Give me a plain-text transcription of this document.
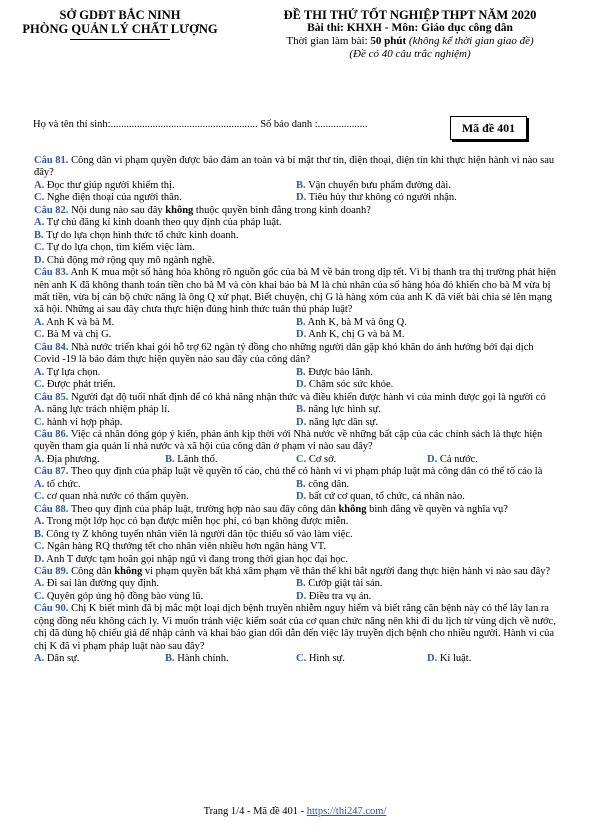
SỞ GDĐT BẮC NINH
PHÒNG QUẢN LÝ CHẤT LƯỢNG
ĐỀ THI THỬ TỐT NGHIỆP THPT NĂM 2020
Bài thi: KHXH - Môn: Giáo dục công dân
Thời gian làm bài: 50 phút (không kể thời gian giao đề)
(Đề có 40 câu trắc nghiệm)
Họ và tên thí sinh:........................................................ Số báo danh :...................	Mã đề 401

Câu 81. Công dân vi phạm quyền được bảo đảm an toàn và bí mật thư tín, điện thoại, điện tín khi thực hiện hành vi nào sau đây?

A. Đọc thư giúp người khiếm thị.	B. Vận chuyển bưu phẩm đường dài.
C. Nghe điện thoại của người thân.	D. Tiêu hủy thư không có người nhận.

Câu 82. Nội dung nào sau đây không thuộc quyền bình đẳng trong kinh doanh?

A. Tự chủ đăng kí kinh doanh theo quy định của pháp luật.
B. Tự do lựa chọn hình thức tổ chức kinh doanh.
C. Tự do lựa chọn, tìm kiếm việc làm.
D. Chủ động mở rộng quy mô ngành nghề.

Câu 83. Anh K mua một số hàng hóa không rõ nguồn gốc của bà M về bán trong dịp tết. Vì bị thanh tra thị trường phát hiện nên anh K đã không thanh toán tiền cho bà M và còn khai báo bà M là chủ nhân của số hàng hóa đó khiến cho bà M vừa bị mất tiền, vừa bị cán bộ chức năng là ông Q xử phạt. Biết chuyện, chị G là hàng xóm của anh K đã viết bài chia sẻ lên mạng xã hội. Những ai sau đây chưa thực hiện đúng hình thức tuân thủ pháp luật?

A. Anh K và bà M.	B. Anh K, bà M và ông Q.
C. Bà M và chị G.	D. Anh K, chị G và bà M.

Câu 84. Nhà nước triển khai gói hỗ trợ 62 ngàn tỷ đồng cho những người dân gặp khó khăn do ảnh hưởng bởi đại dịch Covid -19 là bảo đảm thực hiện quyền nào sau đây của công dân?

A. Tự lựa chọn.	B. Được bảo lãnh.
C. Được phát triển.	D. Chăm sóc sức khỏe.

Câu 85. Người đạt độ tuổi nhất định để có khả năng nhận thức và điều khiển được hành vi của mình được gọi là người có

A. năng lực trách nhiệm pháp lí.	B. năng lực hình sự.
C. hành vi hợp pháp.	D. năng lực dân sự.

Câu 86. Việc cá nhân đóng góp ý kiến, phản ánh kịp thời với Nhà nước về những bất cập của các chính sách là thực hiện quyền tham gia quản lí nhà nước và xã hội của công dân ở phạm vi nào sau đây?

A. Địa phương.	B. Lãnh thổ.	C. Cơ sở.	D. Cả nước.

Câu 87. Theo quy định của pháp luật về quyền tố cáo, chủ thể có hành vi vi phạm pháp luật mà công dân có thể tố cáo là

A. tổ chức.	B. công dân.
C. cơ quan nhà nước có thẩm quyền.	D. bất cứ cơ quan, tổ chức, cá nhân nào.

Câu 88. Theo quy định của pháp luật, trường hợp nào sau đây công dân không bình đẳng về quyền và nghĩa vụ?

A. Trong một lớp học có bạn được miễn học phí, có bạn không được miễn.
B. Công ty Z không tuyển nhân viên là người dân tộc thiểu số vào làm việc.
C. Ngân hàng RQ thưởng tết cho nhân viên nhiều hơn ngân hàng VT.
D. Anh T được tạm hoãn gọi nhập ngũ vì đang trong thời gian học đại học.

Câu 89. Công dân không vi phạm quyền bất khả xâm phạm về thân thể khi bắt người đang thực hiện hành vi nào sau đây?

A. Đi sai làn đường quy định.	B. Cướp giật tài sản.
C. Quyên góp ủng hộ đồng bào vùng lũ.	D. Điều tra vụ án.

Câu 90. Chị K biết mình đã bị mắc một loại dịch bệnh truyền nhiễm nguy hiểm và biết rằng căn bệnh này có thể lây lan ra cộng đồng nếu không cách ly. Vì muốn tránh việc kiểm soát của cơ quan chức năng nên khi đi du lịch từ vùng dịch về nước, chị đã dùng hộ chiếu giả để nhập cảnh và khai báo gian dối dẫn đến việc lây truyền dịch bệnh cho nhiều người. Hành vi của chị K đã vi phạm pháp luật nào sau đây?

A. Dân sự.	B. Hành chính.	C. Hình sự.	D. Kỉ luật.
Trang 1/4 - Mã đề 401 - https://thi247.com/
